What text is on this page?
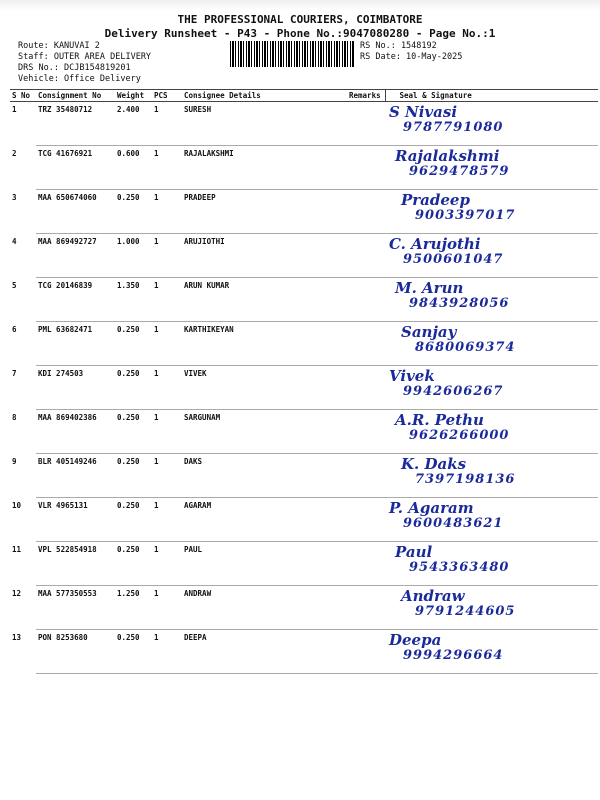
THE PROFESSIONAL COURIERS, COIMBATORE
Delivery Runsheet - P43 - Phone No.:9047080280 - Page No.:1
Route: KANUVAI 2
Staff: OUTER AREA DELIVERY
DRS No.: DCJB154819201
Vehicle: Office Delivery
RS No.: 1548192
RS Date: 10-May-2025
S No	Consignment No	Weight	PCS	Consignee Details	Remarks	Seal & Signature
1	TRZ 35480712	2.400	1	SURESH		S Nivasi
9787791080

2	TCG 41676921	0.600	1	RAJALAKSHMI		Rajalakshmi
9629478579

3	MAA 650674060	0.250	1	PRADEEP		Pradeep
9003397017

4	MAA 869492727	1.000	1	ARUJIOTHI		C. Arujothi
9500601047

5	TCG 20146839	1.350	1	ARUN KUMAR		M. Arun
9843928056

6	PML 63682471	0.250	1	KARTHIKEYAN		Sanjay
8680069374

7	KDI 274503	0.250	1	VIVEK		Vivek
9942606267

8	MAA 869402386	0.250	1	SARGUNAM		A.R. Pethu
9626266000

9	BLR 405149246	0.250	1	DAKS		K. Daks
7397198136

10	VLR 4965131	0.250	1	AGARAM		P. Agaram
9600483621

11	VPL 522854918	0.250	1	PAUL		Paul
9543363480

12	MAA 577350553	1.250	1	ANDRAW		Andraw
9791244605

13	PON 8253680	0.250	1	DEEPA		Deepa
9994296664
